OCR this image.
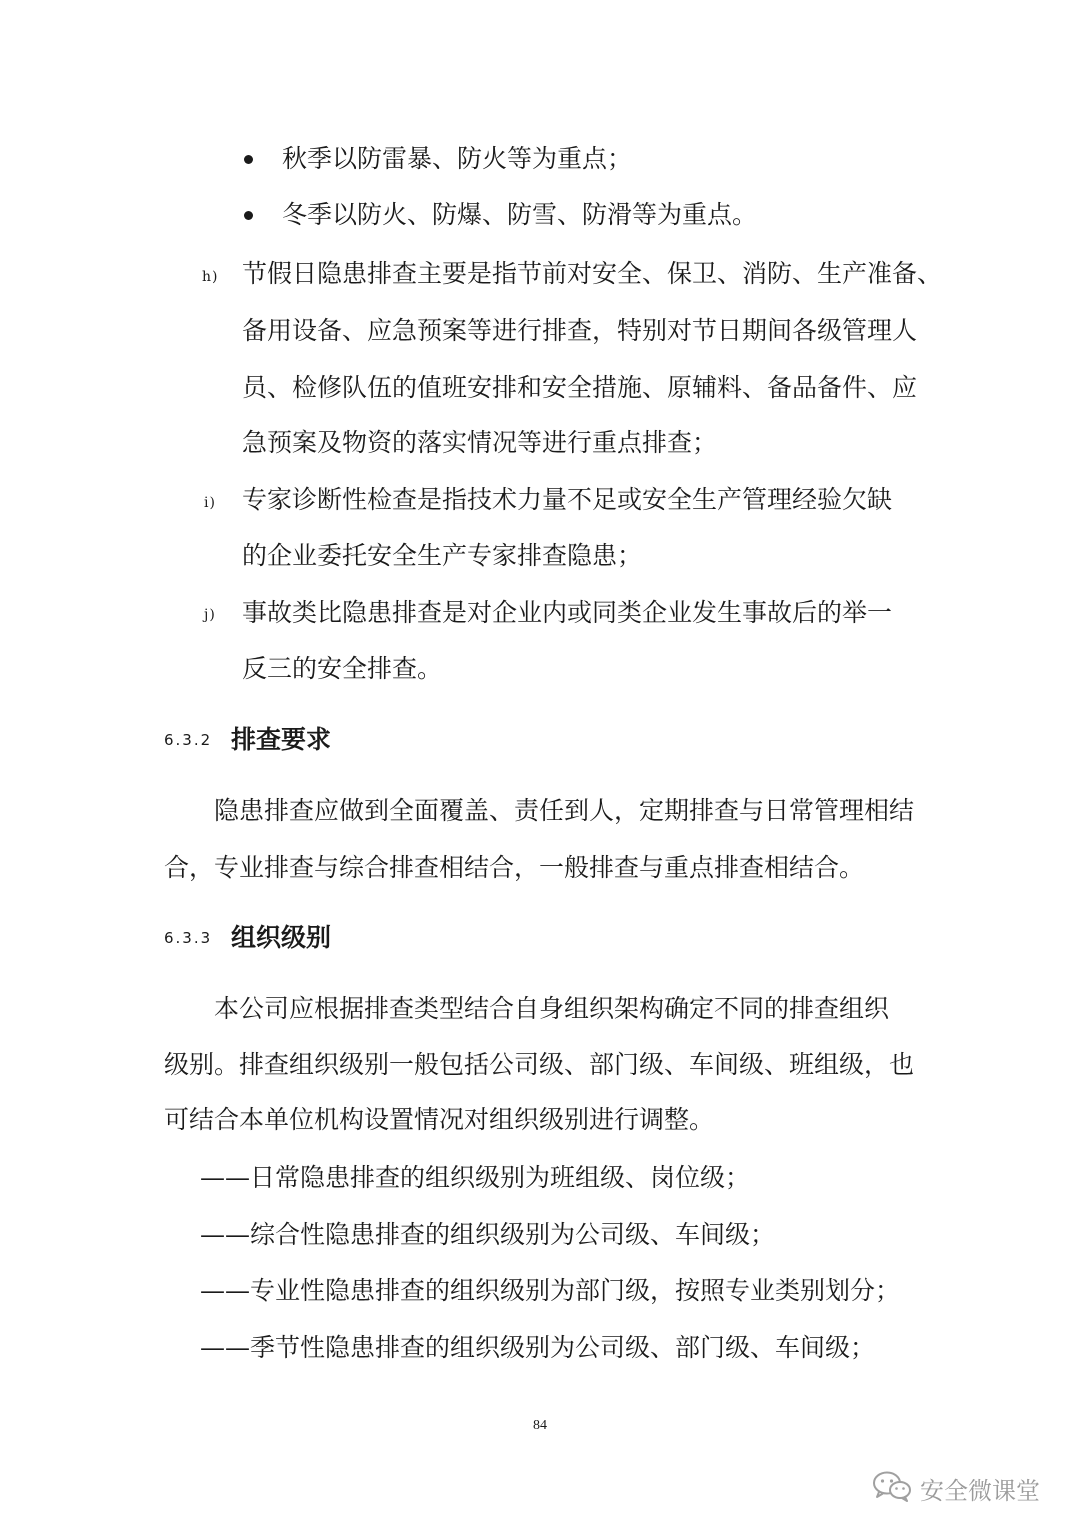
秋季以防雷暴、防火等为重点；
冬季以防火、防爆、防雪、防滑等为重点。
h) 节假日隐患排查主要是指节前对安全、保卫、消防、生产准备、
备用设备、应急预案等进行排查，特别对节日期间各级管理人
员、检修队伍的值班安排和安全措施、原辅料、备品备件、应
急预案及物资的落实情况等进行重点排查；
i) 专家诊断性检查是指技术力量不足或安全生产管理经验欠缺
的企业委托安全生产专家排查隐患；
j) 事故类比隐患排查是对企业内或同类企业发生事故后的举一
反三的安全排查。
6.3.2 排查要求
隐患排查应做到全面覆盖、责任到人，定期排查与日常管理相结
合，专业排查与综合排查相结合，一般排查与重点排查相结合。
6.3.3 组织级别
本公司应根据排查类型结合自身组织架构确定不同的排查组织
级别。排查组织级别一般包括公司级、部门级、车间级、班组级，也
可结合本单位机构设置情况对组织级别进行调整。
——日常隐患排查的组织级别为班组级、岗位级；
——综合性隐患排查的组织级别为公司级、车间级；
——专业性隐患排查的组织级别为部门级，按照专业类别划分；
——季节性隐患排查的组织级别为公司级、部门级、车间级；
84
安全微课堂
